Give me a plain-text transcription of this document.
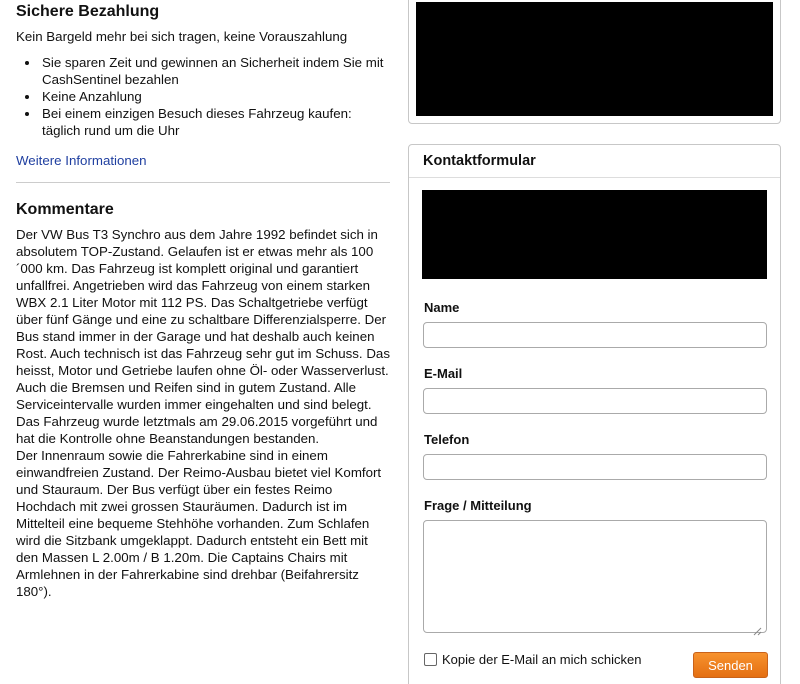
Sichere Bezahlung
Kein Bargeld mehr bei sich tragen, keine Vorauszahlung
• Sie sparen Zeit und gewinnen an Sicherheit indem Sie mit CashSentinel bezahlen
• Keine Anzahlung
• Bei einem einzigen Besuch dieses Fahrzeug kaufen: täglich rund um die Uhr
Weitere Informationen
Kommentare
Der VW Bus T3 Synchro aus dem Jahre 1992 befindet sich in absolutem TOP-Zustand. Gelaufen ist er etwas mehr als 100´000 km. Das Fahrzeug ist komplett original und garantiert unfallfrei. Angetrieben wird das Fahrzeug von einem starken WBX 2.1 Liter Motor mit 112 PS. Das Schaltgetriebe verfügt über fünf Gänge und eine zu schaltbare Differenzialsperre. Der Bus stand immer in der Garage und hat deshalb auch keinen Rost. Auch technisch ist das Fahrzeug sehr gut im Schuss. Das heisst, Motor und Getriebe laufen ohne Öl- oder Wasserverlust. Auch die Bremsen und Reifen sind in gutem Zustand. Alle Serviceintervalle wurden immer eingehalten und sind belegt. Das Fahrzeug wurde letztmals am 29.06.2015 vorgeführt und hat die Kontrolle ohne Beanstandungen bestanden.
Der Innenraum sowie die Fahrerkabine sind in einem einwandfreien Zustand. Der Reimo-Ausbau bietet viel Komfort und Stauraum. Der Bus verfügt über ein festes Reimo Hochdach mit zwei grossen Stauräumen. Dadurch ist im Mittelteil eine bequeme Stehhöhe vorhanden. Zum Schlafen wird die Sitzbank umgeklappt. Dadurch entsteht ein Bett mit den Massen L 2.00m / B 1.20m. Die Captains Chairs mit Armlehnen in der Fahrerkabine sind drehbar (Beifahrersitz 180°).
Kontaktformular
Name
E-Mail
Telefon
Frage / Mitteilung
Kopie der E-Mail an mich schicken	Senden
